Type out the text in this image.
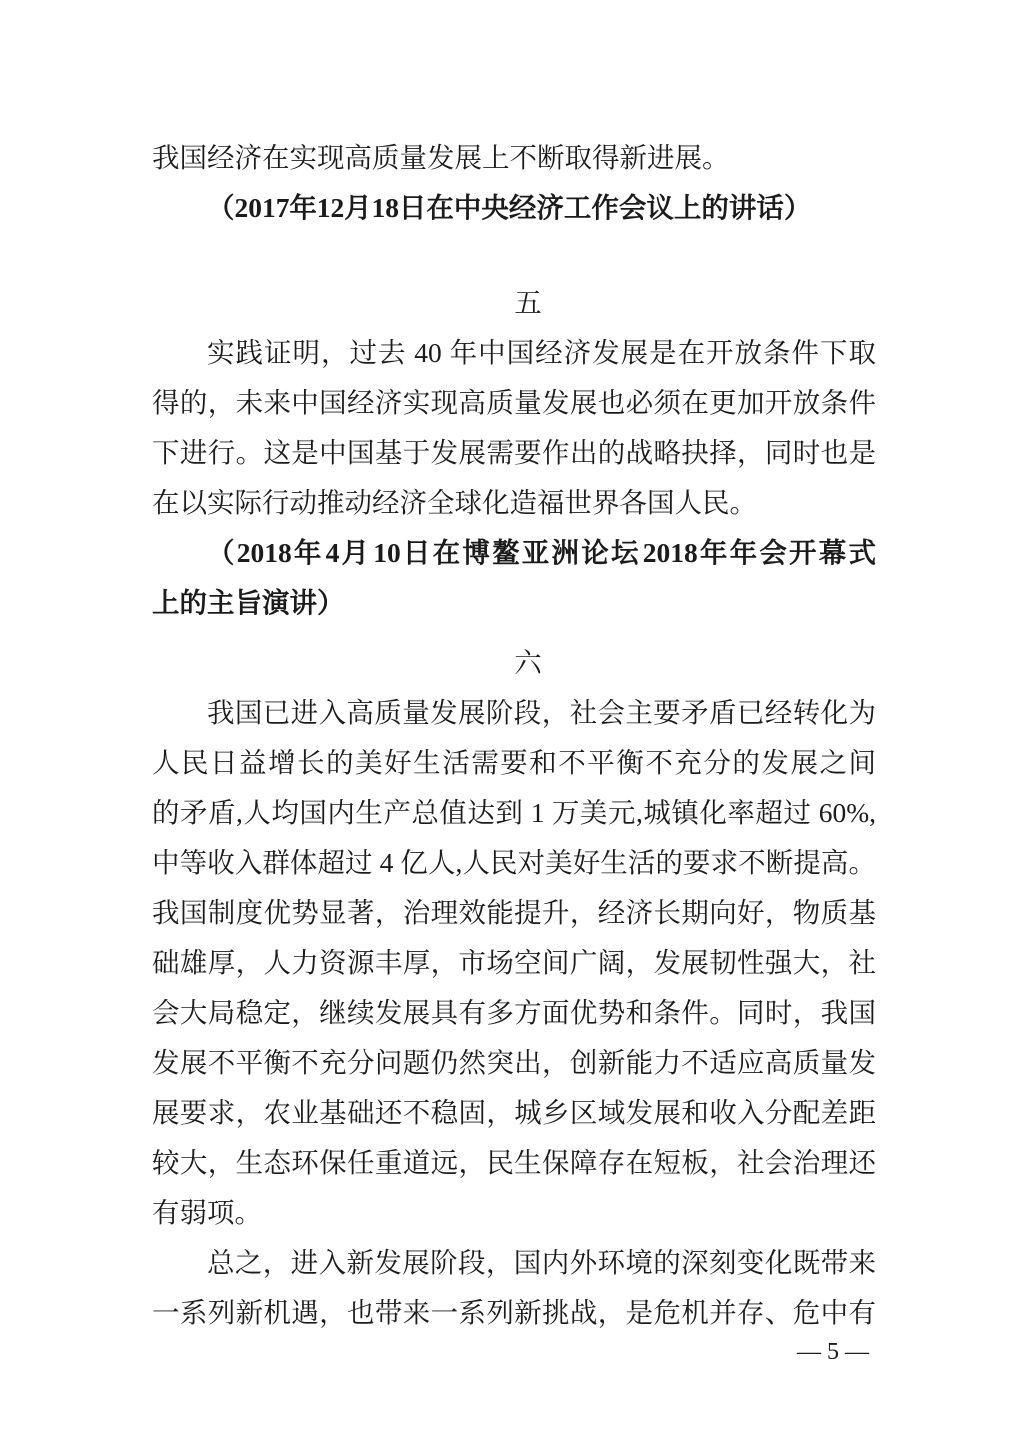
我国经济在实现高质量发展上不断取得新进展。
（2017 年 12 月 18 日在中央经济工作会议上的讲话）
五
实践证明，过去 40 年中国经济发展是在开放条件下取
得的，未来中国经济实现高质量发展也必须在更加开放条件
下进行。这是中国基于发展需要作出的战略抉择，同时也是
在以实际行动推动经济全球化造福世界各国人民。
（2018 年 4 月 10 日在博鳌亚洲论坛 2018 年年会开幕式
上的主旨演讲）
六
我国已进入高质量发展阶段，社会主要矛盾已经转化为
人民日益增长的美好生活需要和不平衡不充分的发展之间
的矛盾,人均国内生产总值达到 1 万美元,城镇化率超过 60%,
中等收入群体超过 4 亿人,人民对美好生活的要求不断提高。
我国制度优势显著，治理效能提升，经济长期向好，物质基
础雄厚，人力资源丰厚，市场空间广阔，发展韧性强大，社
会大局稳定，继续发展具有多方面优势和条件。同时，我国
发展不平衡不充分问题仍然突出，创新能力不适应高质量发
展要求，农业基础还不稳固，城乡区域发展和收入分配差距
较大，生态环保任重道远，民生保障存在短板，社会治理还
有弱项。
总之，进入新发展阶段，国内外环境的深刻变化既带来
一系列新机遇，也带来一系列新挑战，是危机并存、危中有
— 5 —
